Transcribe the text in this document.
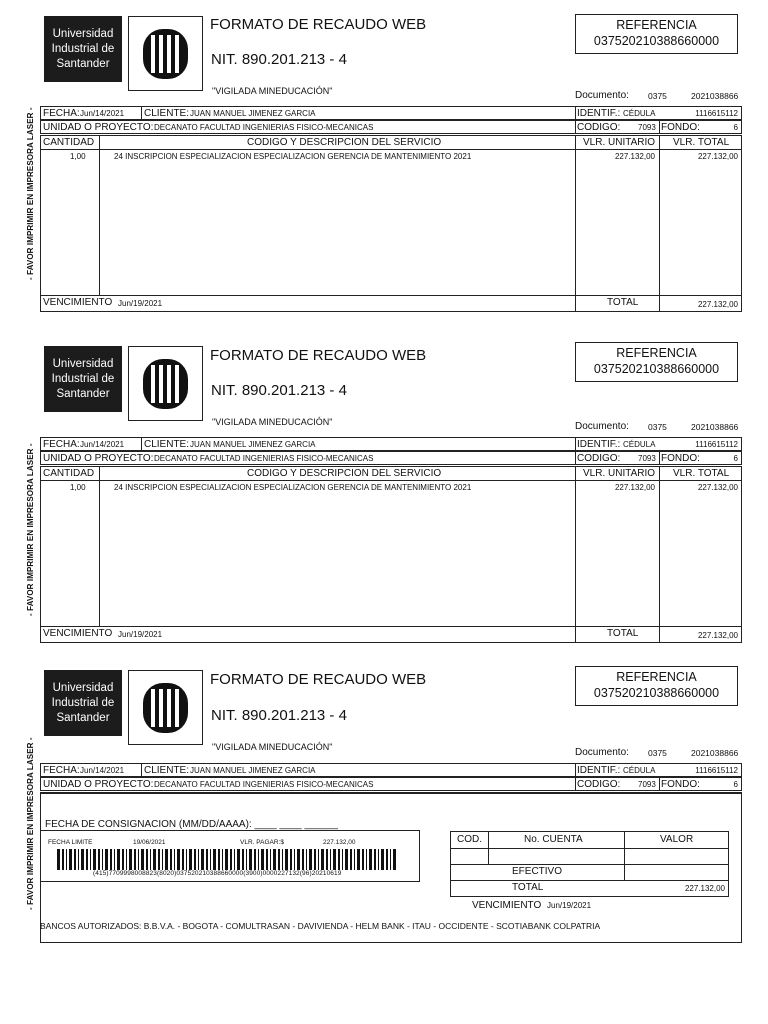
- FAVOR IMPRIMIR EN IMPRESORA LASER -
Universidad
Industrial de
Santander
FORMATO DE RECAUDO WEB
NIT. 890.201.213 - 4
"VIGILADA MINEDUCACIÓN"
REFERENCIA
037520210388660000
Documento: 0375	2021038866
FECHA: Jun/14/2021 CLIENTE: JUAN MANUEL JIMENEZ GARCIA	IDENTIF.: CÉDULA	1116615112
UNIDAD O PROYECTO: DECANATO FACULTAD INGENIERIAS FISICO-MECANICAS	CODIGO: 7093 FONDO:	6
CANTIDAD	CODIGO Y DESCRIPCION DEL SERVICIO	VLR. UNITARIO VLR. TOTAL
1,00	24 INSCRIPCION ESPECIALIZACION ESPECIALIZACION GERENCIA DE MANTENIMIENTO 2021	227.132,00	227.132,00
VENCIMIENTO Jun/19/2021	TOTAL	227.132,00
- FAVOR IMPRIMIR EN IMPRESORA LASER -
Universidad
Industrial de
Santander
FORMATO DE RECAUDO WEB
NIT. 890.201.213 - 4
"VIGILADA MINEDUCACIÓN"
REFERENCIA
037520210388660000
Documento: 0375	2021038866
FECHA: Jun/14/2021 CLIENTE: JUAN MANUEL JIMENEZ GARCIA	IDENTIF.: CÉDULA	1116615112
UNIDAD O PROYECTO: DECANATO FACULTAD INGENIERIAS FISICO-MECANICAS	CODIGO: 7093 FONDO:	6
CANTIDAD	CODIGO Y DESCRIPCION DEL SERVICIO	VLR. UNITARIO VLR. TOTAL
1,00	24 INSCRIPCION ESPECIALIZACION ESPECIALIZACION GERENCIA DE MANTENIMIENTO 2021	227.132,00	227.132,00
VENCIMIENTO Jun/19/2021	TOTAL	227.132,00
- FAVOR IMPRIMIR EN IMPRESORA LASER -
Universidad
Industrial de
Santander
FORMATO DE RECAUDO WEB
NIT. 890.201.213 - 4
"VIGILADA MINEDUCACIÓN"
REFERENCIA
037520210388660000
Documento: 0375	2021038866
FECHA: Jun/14/2021 CLIENTE: JUAN MANUEL JIMENEZ GARCIA	IDENTIF.: CÉDULA	1116615112
UNIDAD O PROYECTO: DECANATO FACULTAD INGENIERIAS FISICO-MECANICAS	CODIGO: 7093 FONDO:	6
FECHA DE CONSIGNACION (MM/DD/AAAA): ____ ____ ______
BANCOS AUTORIZADOS: B.B.V.A. - BOGOTA - COMULTRASAN - DAVIVIENDA - HELM BANK - ITAU - OCCIDENTE - SCOTIABANK COLPATRIA
FECHA LIMITE	19/06/2021	VLR. PAGAR:$	227.132,00
(415)7709998008823(8020)037520210388660000(3900)0000227132(96)20210619
COD.	No. CUENTA	VALOR
EFECTIVO
TOTAL	227.132,00
VENCIMIENTO Jun/19/2021
